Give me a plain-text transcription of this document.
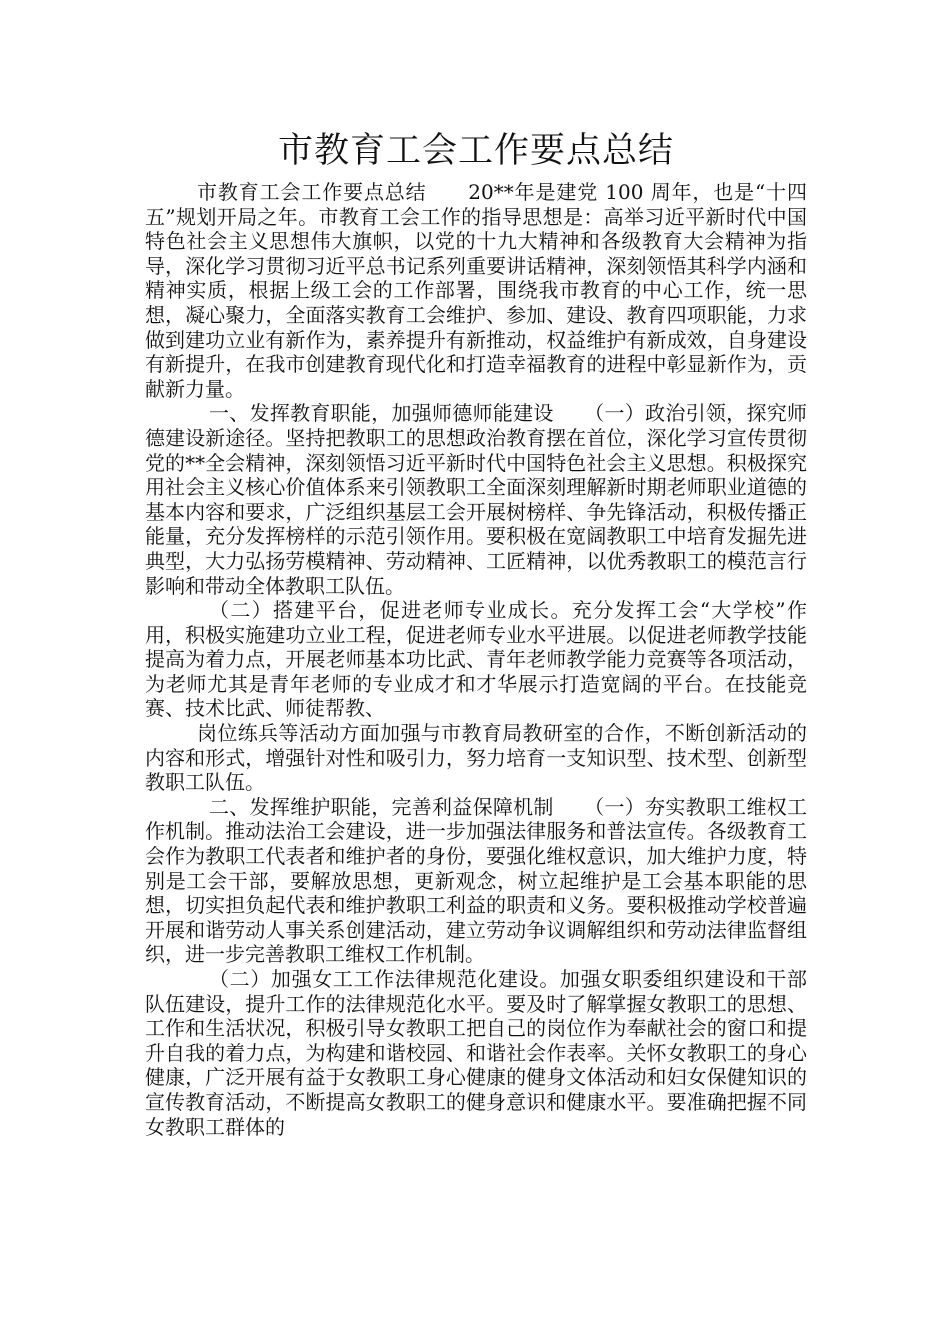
市教育工会工作要点总结

市教育工会工作要点总结　　20**年是建党 100 周年，也是“十四五”规划开局之年。市教育工会工作的指导思想是：高举习近平新时代中国特色社会主义思想伟大旗帜，以党的十九大精神和各级教育大会精神为指导，深化学习贯彻习近平总书记系列重要讲话精神，深刻领悟其科学内涵和精神实质，根据上级工会的工作部署，围绕我市教育的中心工作，统一思想，凝心聚力，全面落实教育工会维护、参加、建设、教育四项职能，力求做到建功立业有新作为，素养提升有新推动，权益维护有新成效，自身建设有新提升，在我市创建教育现代化和打造幸福教育的进程中彰显新作为，贡献新力量。

一、发挥教育职能，加强师德师能建设　　（一）政治引领，探究师德建设新途径。坚持把教职工的思想政治教育摆在首位，深化学习宣传贯彻党的**全会精神，深刻领悟习近平新时代中国特色社会主义思想。积极探究用社会主义核心价值体系来引领教职工全面深刻理解新时期老师职业道德的基本内容和要求，广泛组织基层工会开展树榜样、争先锋活动，积极传播正能量，充分发挥榜样的示范引领作用。要积极在宽阔教职工中培育发掘先进典型，大力弘扬劳模精神、劳动精神、工匠精神，以优秀教职工的模范言行影响和带动全体教职工队伍。

（二）搭建平台，促进老师专业成长。充分发挥工会“大学校”作用，积极实施建功立业工程，促进老师专业水平进展。以促进老师教学技能提高为着力点，开展老师基本功比武、青年老师教学能力竞赛等各项活动，为老师尤其是青年老师的专业成才和才华展示打造宽阔的平台。在技能竞赛、技术比武、师徒帮教、

岗位练兵等活动方面加强与市教育局教研室的合作，不断创新活动的内容和形式，增强针对性和吸引力，努力培育一支知识型、技术型、创新型教职工队伍。

二、发挥维护职能，完善利益保障机制　　（一）夯实教职工维权工作机制。推动法治工会建设，进一步加强法律服务和普法宣传。各级教育工会作为教职工代表者和维护者的身份，要强化维权意识，加大维护力度，特别是工会干部，要解放思想，更新观念，树立起维护是工会基本职能的思想，切实担负起代表和维护教职工利益的职责和义务。要积极推动学校普遍开展和谐劳动人事关系创建活动，建立劳动争议调解组织和劳动法律监督组织，进一步完善教职工维权工作机制。

（二）加强女工工作法律规范化建设。加强女职委组织建设和干部队伍建设，提升工作的法律规范化水平。要及时了解掌握女教职工的思想、工作和生活状况，积极引导女教职工把自己的岗位作为奉献社会的窗口和提升自我的着力点，为构建和谐校园、和谐社会作表率。关怀女教职工的身心健康，广泛开展有益于女教职工身心健康的健身文体活动和妇女保健知识的宣传教育活动，不断提高女教职工的健身意识和健康水平。要准确把握不同女教职工群体的
